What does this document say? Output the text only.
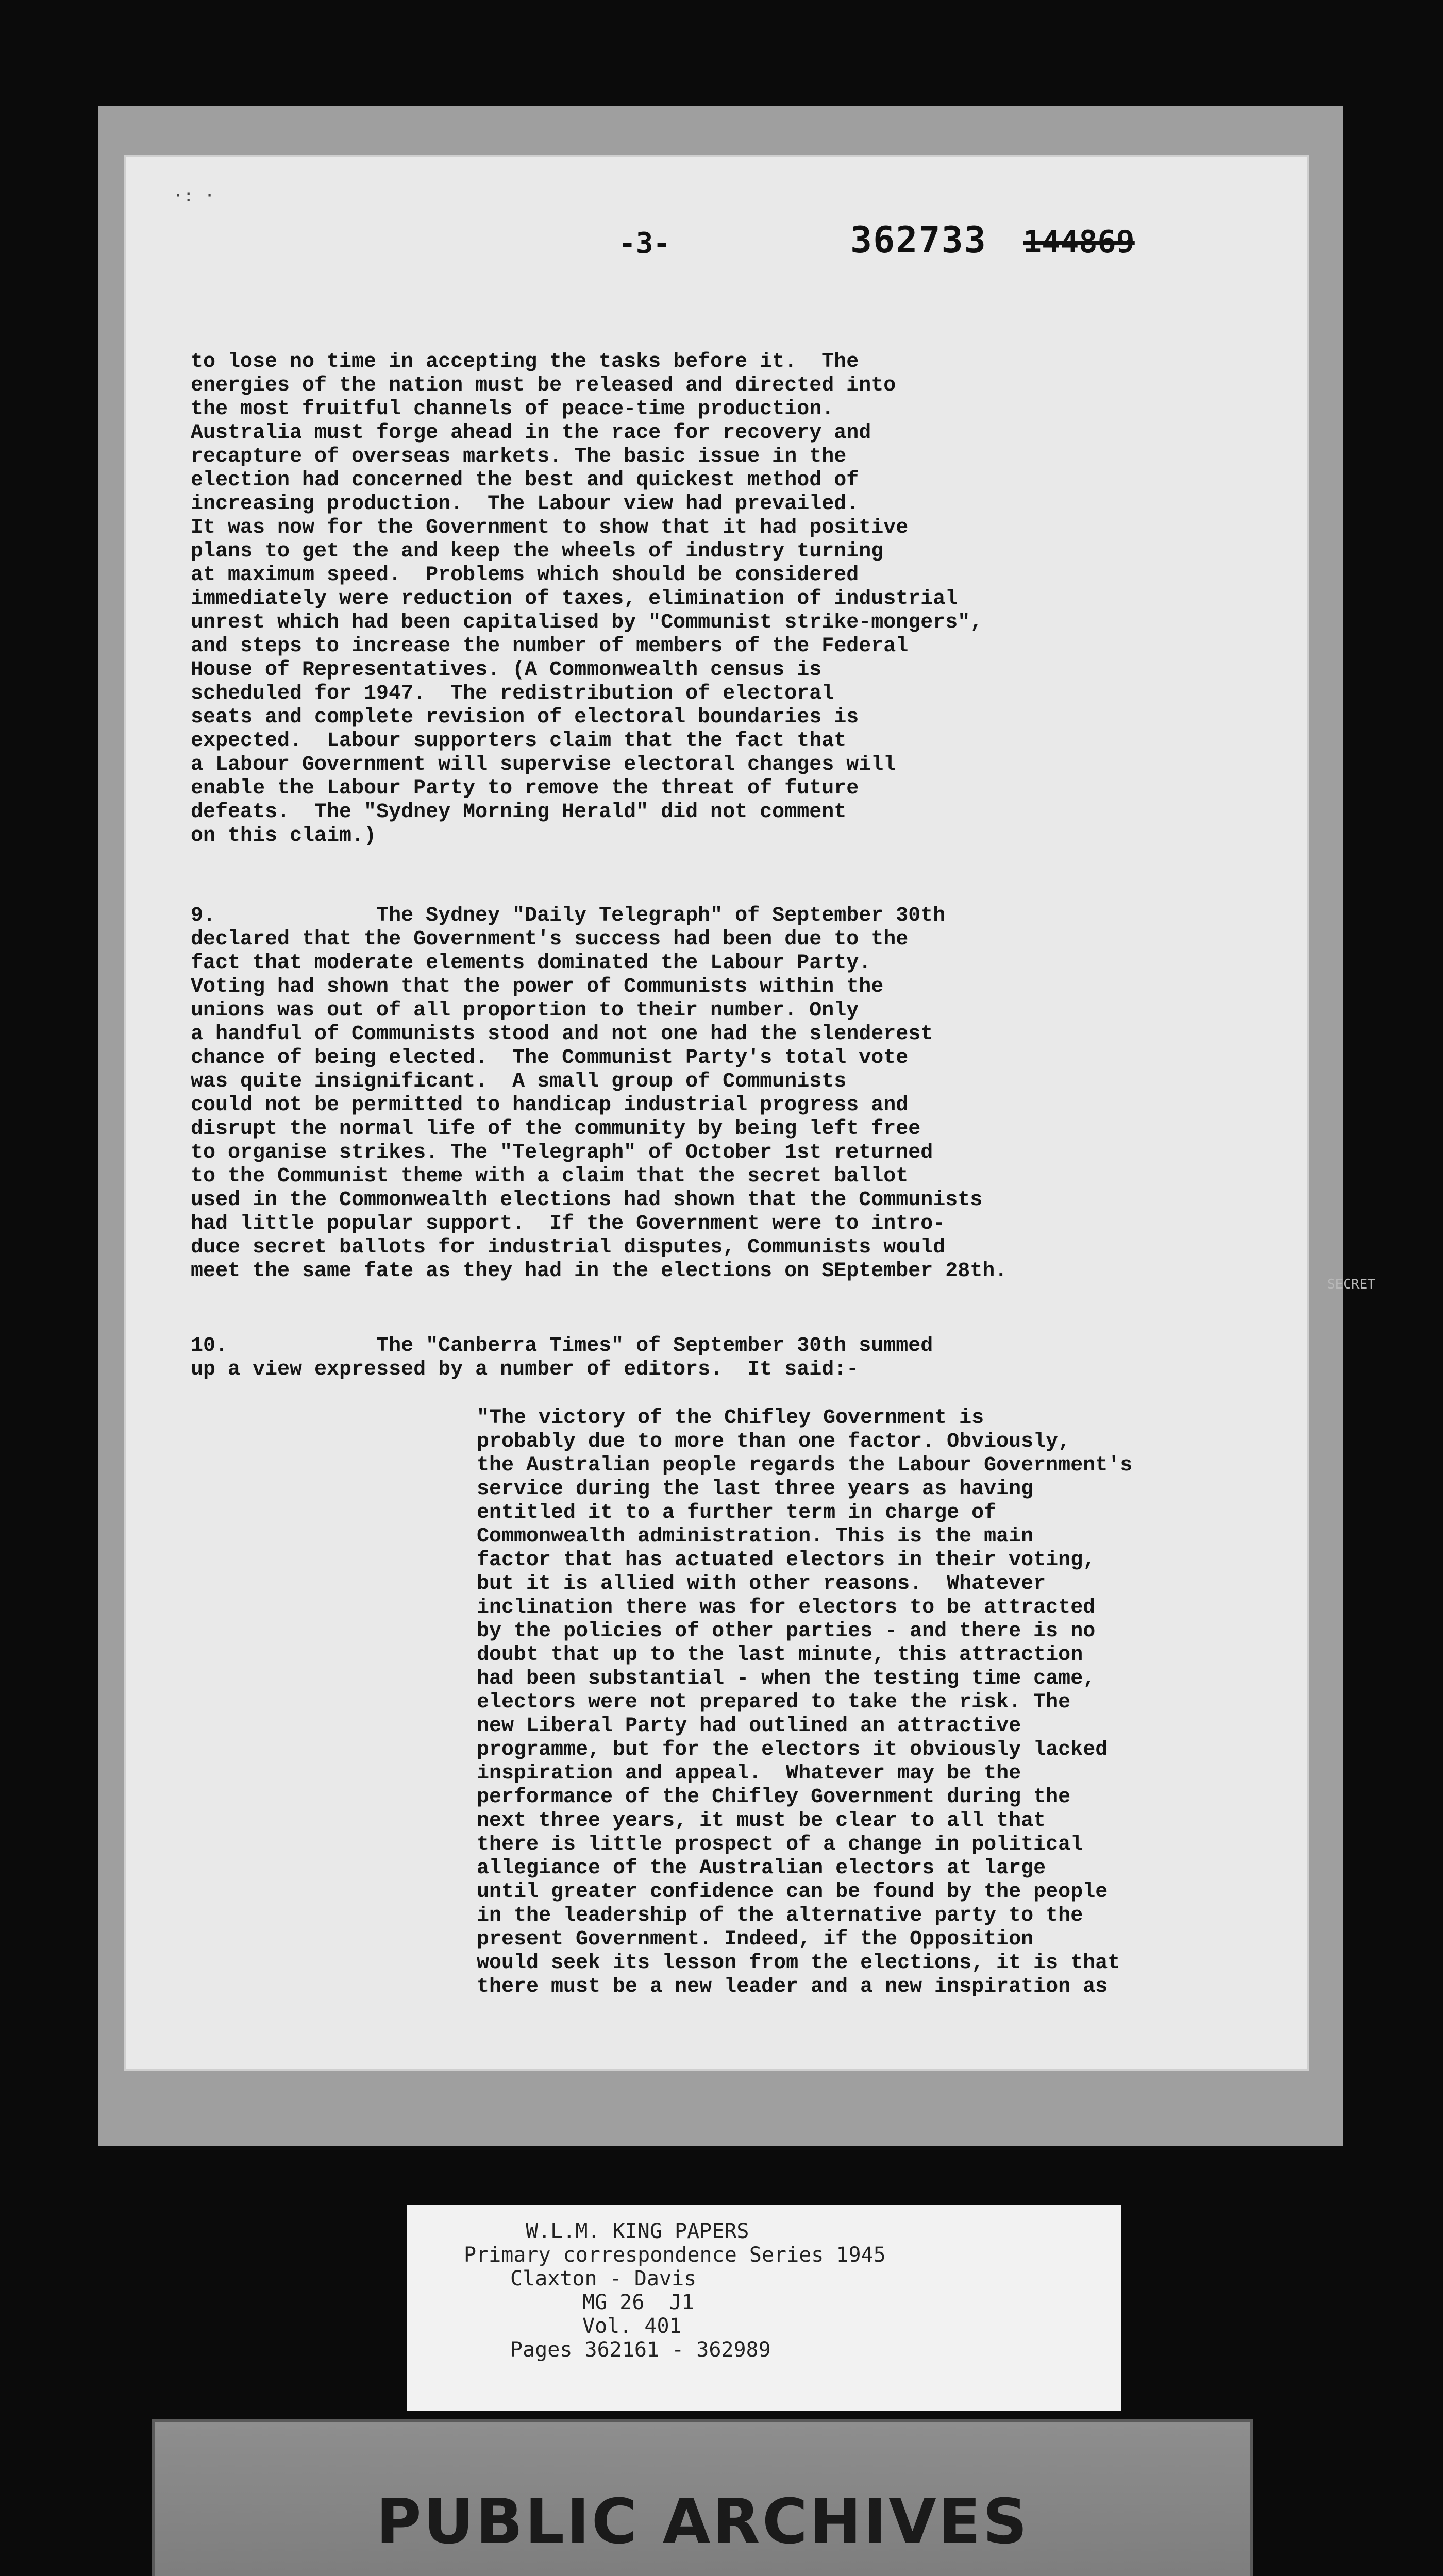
·: ·
-3-	362733 144869
SECRET
to lose no time in accepting the tasks before it.  The
energies of the nation must be released and directed into
the most fruitful channels of peace-time production.
Australia must forge ahead in the race for recovery and
recapture of overseas markets. The basic issue in the
election had concerned the best and quickest method of
increasing production.  The Labour view had prevailed.
It was now for the Government to show that it had positive
plans to get the and keep the wheels of industry turning
at maximum speed.  Problems which should be considered
immediately were reduction of taxes, elimination of industrial
unrest which had been capitalised by "Communist strike-mongers",
and steps to increase the number of members of the Federal
House of Representatives. (A Commonwealth census is
scheduled for 1947.  The redistribution of electoral
seats and complete revision of electoral boundaries is
expected.  Labour supporters claim that the fact that
a Labour Government will supervise electoral changes will
enable the Labour Party to remove the threat of future
defeats.  The "Sydney Morning Herald" did not comment
on this claim.)
9.             The Sydney "Daily Telegraph" of September 30th
declared that the Government's success had been due to the
fact that moderate elements dominated the Labour Party.
Voting had shown that the power of Communists within the
unions was out of all proportion to their number. Only
a handful of Communists stood and not one had the slenderest
chance of being elected.  The Communist Party's total vote
was quite insignificant.  A small group of Communists
could not be permitted to handicap industrial progress and
disrupt the normal life of the community by being left free
to organise strikes. The "Telegraph" of October 1st returned
to the Communist theme with a claim that the secret ballot
used in the Commonwealth elections had shown that the Communists
had little popular support.  If the Government were to intro-
duce secret ballots for industrial disputes, Communists would
meet the same fate as they had in the elections on SEptember 28th.
10.            The "Canberra Times" of September 30th summed
up a view expressed by a number of editors.  It said:-
"The victory of the Chifley Government is
probably due to more than one factor. Obviously,
the Australian people regards the Labour Government's
service during the last three years as having
entitled it to a further term in charge of
Commonwealth administration. This is the main
factor that has actuated electors in their voting,
but it is allied with other reasons.  Whatever
inclination there was for electors to be attracted
by the policies of other parties - and there is no
doubt that up to the last minute, this attraction
had been substantial - when the testing time came,
electors were not prepared to take the risk. The
new Liberal Party had outlined an attractive
programme, but for the electors it obviously lacked
inspiration and appeal.  Whatever may be the
performance of the Chifley Government during the
next three years, it must be clear to all that
there is little prospect of a change in political
allegiance of the Australian electors at large
until greater confidence can be found by the people
in the leadership of the alternative party to the
present Government. Indeed, if the Opposition
would seek its lesson from the elections, it is that
there must be a new leader and a new inspiration as
W.L.M. KING PAPERS
Primary correspondence Series 1945
Claxton - Davis
MG 26  J1
Vol. 401
Pages 362161 - 362989
PUBLIC ARCHIVES
